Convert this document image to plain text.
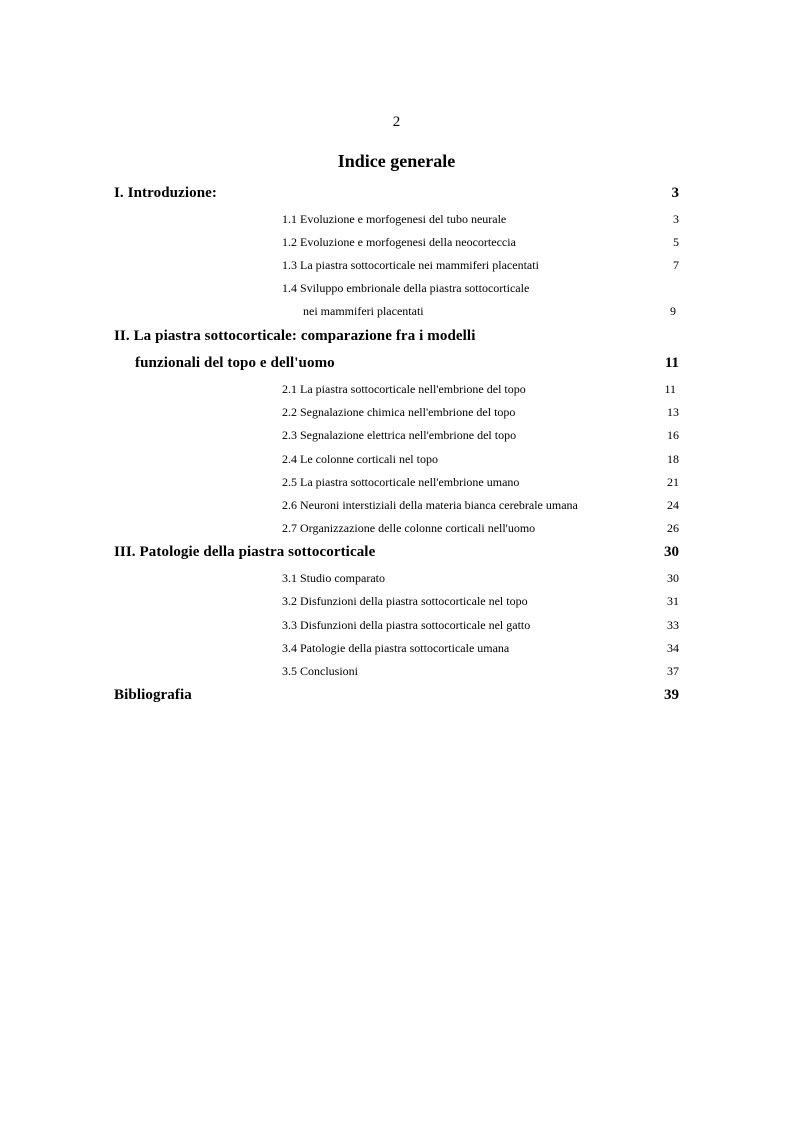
2
Indice generale
I. Introduzione:	3
1.1 Evoluzione e morfogenesi del tubo neurale	3
1.2 Evoluzione e morfogenesi della neocorteccia	5
1.3 La piastra sottocorticale nei mammiferi placentati	7
1.4 Sviluppo embrionale della piastra sottocorticale
nei mammiferi placentati	9
II. La piastra sottocorticale: comparazione fra i modelli
funzionali del topo e dell'uomo	11
2.1 La piastra sottocorticale nell'embrione del topo	11
2.2 Segnalazione chimica nell'embrione del topo	13
2.3 Segnalazione elettrica nell'embrione del topo	16
2.4 Le colonne corticali nel topo	18
2.5 La piastra sottocorticale nell'embrione umano	21
2.6 Neuroni interstiziali della materia bianca cerebrale umana	24
2.7 Organizzazione delle colonne corticali nell'uomo	26
III. Patologie della piastra sottocorticale	30
3.1 Studio comparato	30
3.2 Disfunzioni della piastra sottocorticale nel topo	31
3.3 Disfunzioni della piastra sottocorticale nel gatto	33
3.4 Patologie della piastra sottocorticale umana	34
3.5 Conclusioni	37
Bibliografia	39
